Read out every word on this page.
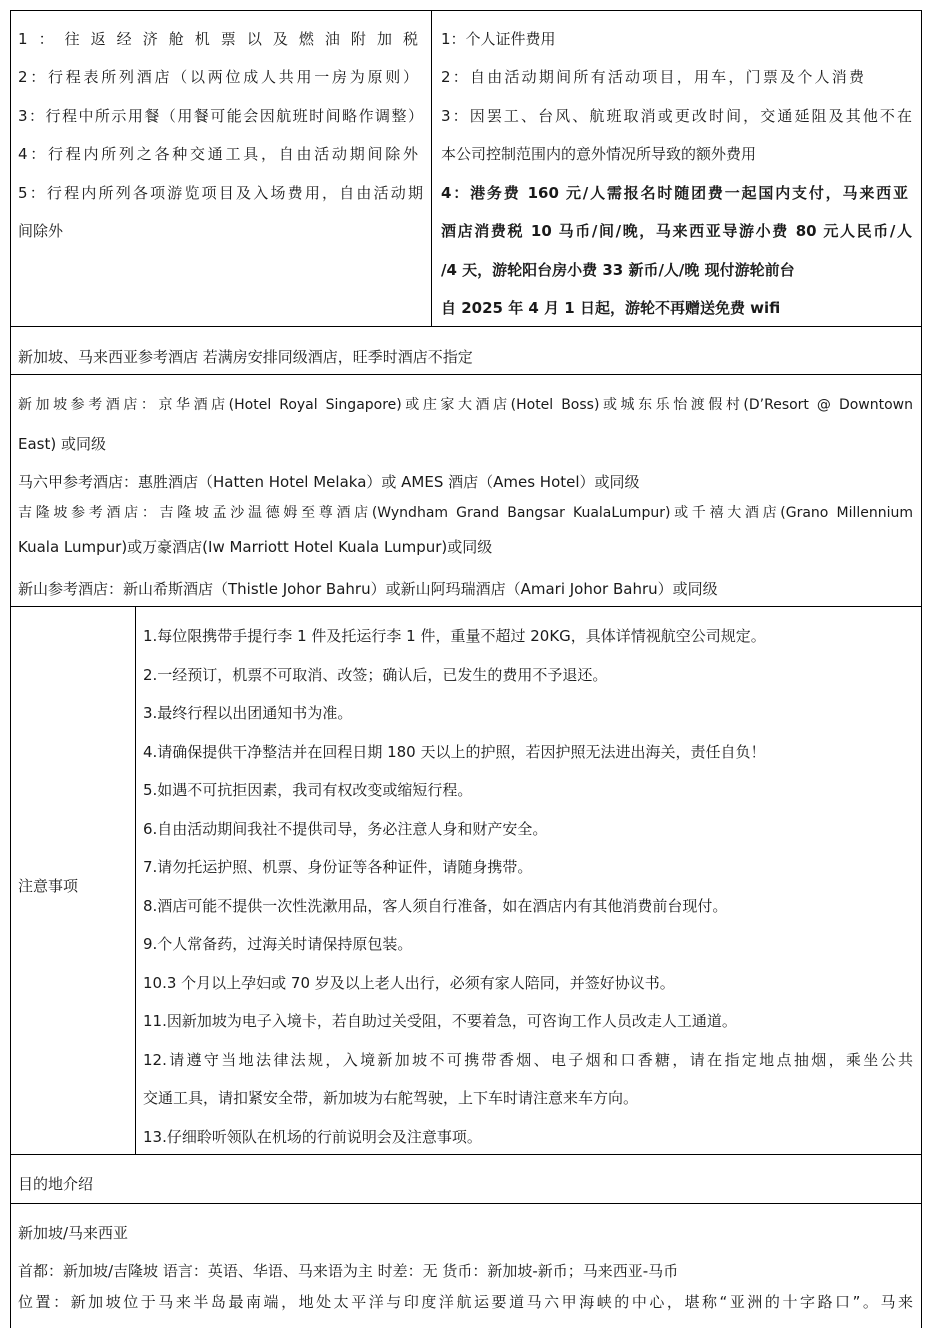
1：往返经济舱机票以及燃油附加税
2：行程表所列酒店（以两位成人共用一房为原则）
3：行程中所示用餐（用餐可能会因航班时间略作调整）
4：行程内所列之各种交通工具，自由活动期间除外
5：行程内所列各项游览项目及入场费用，自由活动期
间除外
1：个人证件费用
2：自由活动期间所有活动项目，用车，门票及个人消费
3：因罢工、台风、航班取消或更改时间，交通延阻及其他不在
本公司控制范围内的意外情况所导致的额外费用
4：港务费 160 元/人需报名时随团费一起国内支付，马来西亚
酒店消费税 10 马币/间/晚，马来西亚导游小费 80 元人民币/人
/4 天，游轮阳台房小费 33 新币/人/晚 现付游轮前台
自 2025 年 4 月 1 日起，游轮不再赠送免费 wifi
新加坡、马来西亚参考酒店 若满房安排同级酒店，旺季时酒店不指定
新加坡参考酒店：京华酒店(Hotel Royal Singapore)或庄家大酒店(Hotel Boss)或城东乐怡渡假村(D’Resort @ Downtown
East) 或同级
马六甲参考酒店：惠胜酒店（Hatten Hotel Melaka）或 AMES 酒店（Ames Hotel）或同级
吉隆坡参考酒店：吉隆坡孟沙温德姆至尊酒店(Wyndham Grand Bangsar KualaLumpur)或千禧大酒店(Grano Millennium
Kuala Lumpur)或万豪酒店(Iw Marriott Hotel Kuala Lumpur)或同级
新山参考酒店：新山希斯酒店（Thistle Johor Bahru）或新山阿玛瑞酒店（Amari Johor Bahru）或同级
注意事项
1.每位限携带手提行李 1 件及托运行李 1 件，重量不超过 20KG，具体详情视航空公司规定。
2.一经预订，机票不可取消、改签；确认后，已发生的费用不予退还。
3.最终行程以出团通知书为准。
4.请确保提供干净整洁并在回程日期 180 天以上的护照，若因护照无法进出海关，责任自负！
5.如遇不可抗拒因素，我司有权改变或缩短行程。
6.自由活动期间我社不提供司导，务必注意人身和财产安全。
7.请勿托运护照、机票、身份证等各种证件，请随身携带。
8.酒店可能不提供一次性洗漱用品，客人须自行准备，如在酒店内有其他消费前台现付。
9.个人常备药，过海关时请保持原包装。
10.3 个月以上孕妇或 70 岁及以上老人出行，必须有家人陪同，并签好协议书。
11.因新加坡为电子入境卡，若自助过关受阻，不要着急，可咨询工作人员改走人工通道。
12.请遵守当地法律法规，入境新加坡不可携带香烟、电子烟和口香糖，请在指定地点抽烟，乘坐公共
交通工具，请扣紧安全带，新加坡为右舵驾驶，上下车时请注意来车方向。
13.仔细聆听领队在机场的行前说明会及注意事项。
目的地介绍
新加坡/马来西亚
首都：新加坡/吉隆坡 语言：英语、华语、马来语为主 时差：无 货币：新加坡-新币；马来西亚-马币
位置：新加坡位于马来半岛最南端，地处太平洋与印度洋航运要道马六甲海峡的中心，堪称“亚洲的十字路口”。马来
